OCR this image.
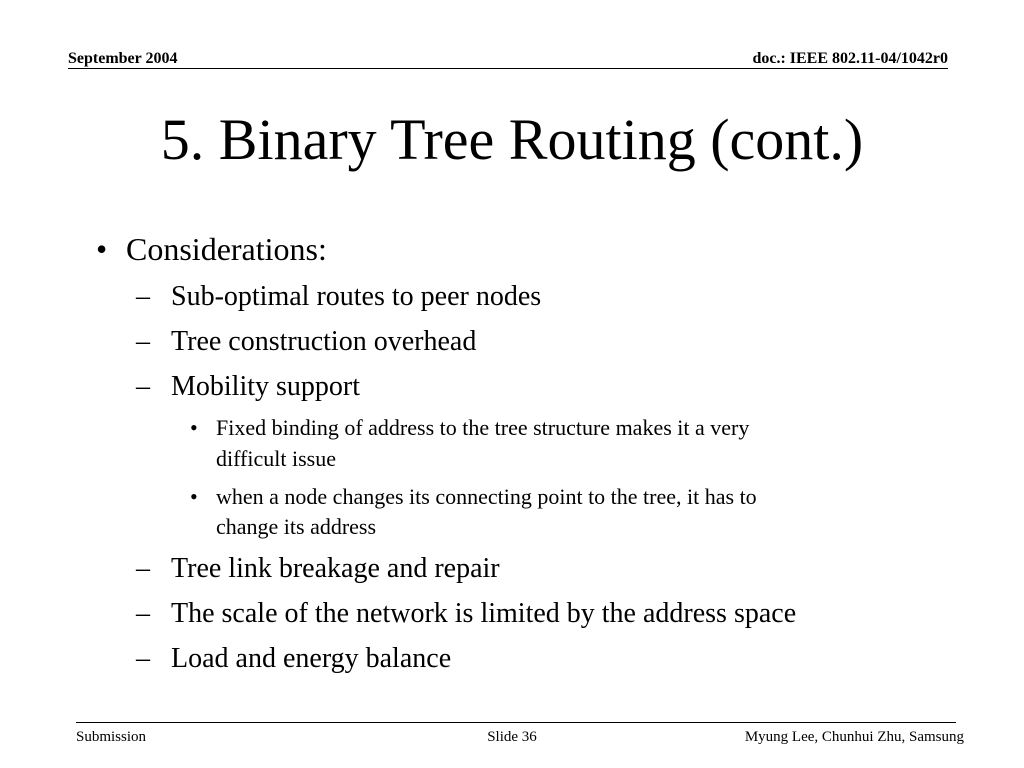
September 2004	doc.: IEEE 802.11-04/1042r0
5. Binary Tree Routing (cont.)
• Considerations:
– Sub-optimal routes to peer nodes
– Tree construction overhead
– Mobility support
• Fixed binding of address to the tree structure makes it a very
difficult issue
• when a node changes its connecting point to the tree, it has to
change its address
– Tree link breakage and repair
– The scale of the network is limited by the address space
– Load and energy balance
Submission	Slide 36	Myung Lee, Chunhui Zhu, Samsung
